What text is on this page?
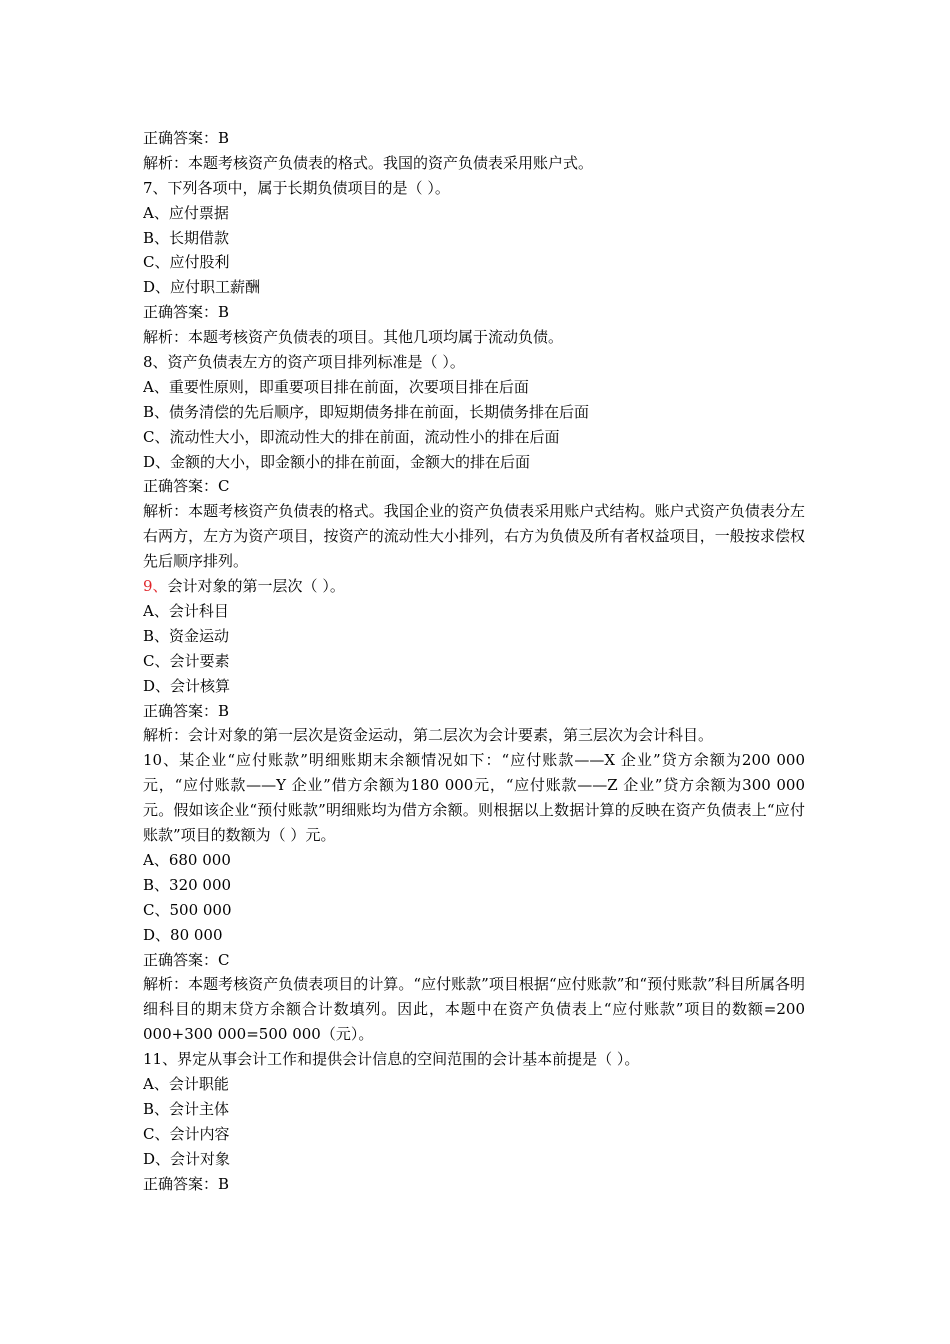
正确答案：B
解析：本题考核资产负债表的格式。我国的资产负债表采用账户式。
7、下列各项中，属于长期负债项目的是（ ）。
A、应付票据
B、长期借款
C、应付股利
D、应付职工薪酬
正确答案：B
解析：本题考核资产负债表的项目。其他几项均属于流动负债。
8、资产负债表左方的资产项目排列标准是（ ）。
A、重要性原则，即重要项目排在前面，次要项目排在后面
B、债务清偿的先后顺序，即短期债务排在前面，长期债务排在后面
C、流动性大小，即流动性大的排在前面，流动性小的排在后面
D、金额的大小，即金额小的排在前面，金额大的排在后面
正确答案：C
解析：本题考核资产负债表的格式。我国企业的资产负债表采用账户式结构。账户式资产负债表分左右两方，左方为资产项目，按资产的流动性大小排列，右方为负债及所有者权益项目，一般按求偿权先后顺序排列。
9、会计对象的第一层次（ ）。
A、会计科目
B、资金运动
C、会计要素
D、会计核算
正确答案：B
解析：会计对象的第一层次是资金运动，第二层次为会计要素，第三层次为会计科目。
10、某企业“应付账款”明细账期末余额情况如下：“应付账款——X 企业”贷方余额为200 000元，“应付账款——Y 企业”借方余额为180 000元，“应付账款——Z 企业”贷方余额为300 000元。假如该企业“预付账款”明细账均为借方余额。则根据以上数据计算的反映在资产负债表上“应付账款”项目的数额为（ ）元。
A、680 000
B、320 000
C、500 000
D、80 000
正确答案：C
解析：本题考核资产负债表项目的计算。“应付账款”项目根据“应付账款”和“预付账款”科目所属各明细科目的期末贷方余额合计数填列。因此，本题中在资产负债表上“应付账款”项目的数额=200 000+300 000=500 000（元）。
11、界定从事会计工作和提供会计信息的空间范围的会计基本前提是（ ）。
A、会计职能
B、会计主体
C、会计内容
D、会计对象
正确答案：B
